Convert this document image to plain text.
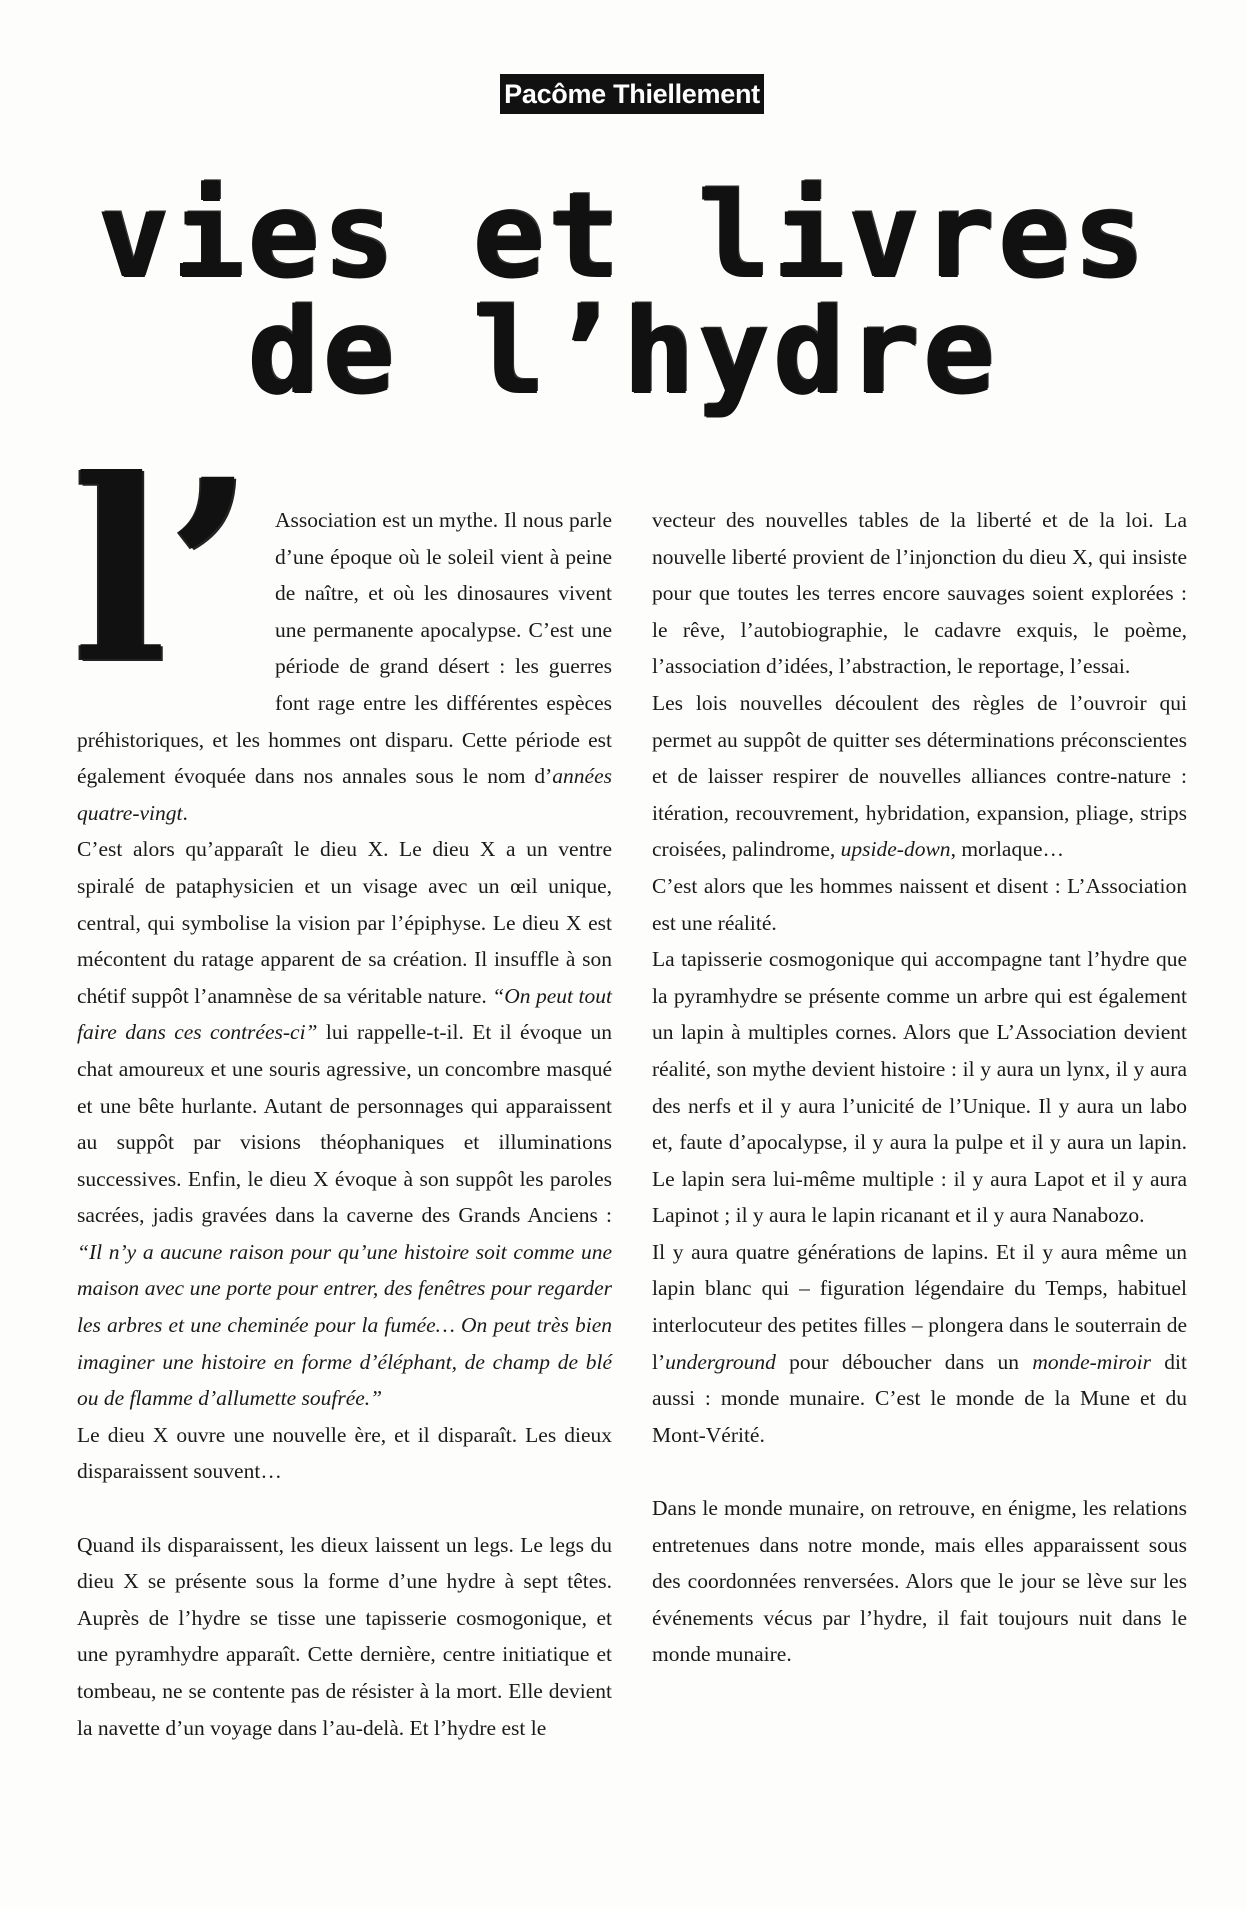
Pacôme Thiellement
vies et livres
de l’hydre
l’ Association est un mythe. Il nous parle d’une époque où le soleil vient à peine de naître, et où les dinosaures vivent une permanente apocalypse. C’est une période de grand désert : les guerres font rage entre les différentes espèces préhistoriques, et les hommes ont disparu. Cette période est également évoquée dans nos annales sous le nom d’années quatre-vingt.

C’est alors qu’apparaît le dieu X. Le dieu X a un ventre spiralé de pataphysicien et un visage avec un œil unique, central, qui symbolise la vision par l’épiphyse. Le dieu X est mécontent du ratage apparent de sa création. Il insuffle à son chétif suppôt l’anamnèse de sa véritable nature. “On peut tout faire dans ces contrées-ci” lui rappelle-t-il. Et il évoque un chat amoureux et une souris agressive, un concombre masqué et une bête hurlante. Autant de personnages qui apparaissent au suppôt par visions théophaniques et illuminations successives. Enfin, le dieu X évoque à son suppôt les paroles sacrées, jadis gravées dans la caverne des Grands Anciens : “Il n’y a aucune raison pour qu’une histoire soit comme une maison avec une porte pour entrer, des fenêtres pour regarder les arbres et une cheminée pour la fumée… On peut très bien imaginer une histoire en forme d’éléphant, de champ de blé ou de flamme d’allumette soufrée.”

Le dieu X ouvre une nouvelle ère, et il disparaît. Les dieux disparaissent souvent…

Quand ils disparaissent, les dieux laissent un legs. Le legs du dieu X se présente sous la forme d’une hydre à sept têtes. Auprès de l’hydre se tisse une tapisserie cosmogonique, et une pyramhydre apparaît. Cette dernière, centre initiatique et tombeau, ne se contente pas de résister à la mort. Elle devient la navette d’un voyage dans l’au-delà. Et l’hydre est le

vecteur des nouvelles tables de la liberté et de la loi. La nouvelle liberté provient de l’injonction du dieu X, qui insiste pour que toutes les terres encore sauvages soient explorées : le rêve, l’autobiographie, le cadavre exquis, le poème, l’association d’idées, l’abstraction, le reportage, l’essai.

Les lois nouvelles découlent des règles de l’ouvroir qui permet au suppôt de quitter ses déterminations préconscientes et de laisser respirer de nouvelles alliances contre-nature : itération, recouvrement, hybridation, expansion, pliage, strips croisées, palindrome, upside-down, morlaque…

C’est alors que les hommes naissent et disent : L’Association est une réalité.

La tapisserie cosmogonique qui accompagne tant l’hydre que la pyramhydre se présente comme un arbre qui est également un lapin à multiples cornes. Alors que L’Association devient réalité, son mythe devient histoire : il y aura un lynx, il y aura des nerfs et il y aura l’unicité de l’Unique. Il y aura un labo et, faute d’apocalypse, il y aura la pulpe et il y aura un lapin. Le lapin sera lui-même multiple : il y aura Lapot et il y aura Lapinot ; il y aura le lapin ricanant et il y aura Nanabozo.

Il y aura quatre générations de lapins. Et il y aura même un lapin blanc qui – figuration légendaire du Temps, habituel interlocuteur des petites filles – plongera dans le souterrain de l’underground pour déboucher dans un monde-miroir dit aussi : monde munaire. C’est le monde de la Mune et du Mont-Vérité.

Dans le monde munaire, on retrouve, en énigme, les relations entretenues dans notre monde, mais elles apparaissent sous des coordonnées renversées. Alors que le jour se lève sur les événements vécus par l’hydre, il fait toujours nuit dans le monde munaire.
